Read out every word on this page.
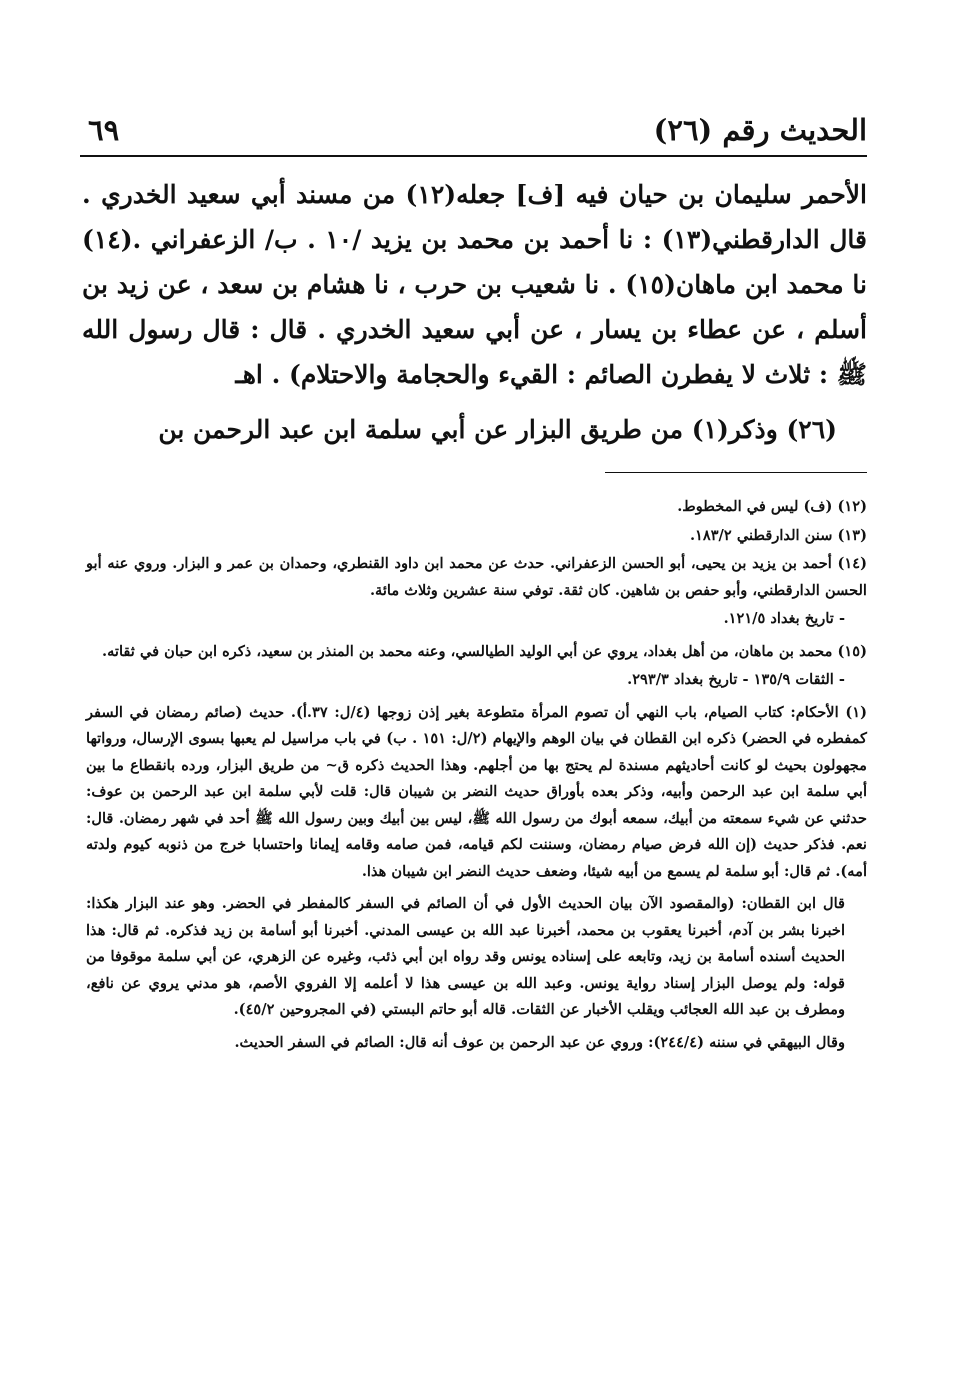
الحديث رقم (٢٦)
٦٩

الأحمر سليمان بن حيان فيه [ف] جعله(١٢) من مسند أبي سعيد الخدري . قال الدارقطني(١٣) : نا أحمد بن محمد بن يزيد /١٠ . ب/ الزعفراني .(١٤) نا محمد ابن ماهان(١٥) . نا شعيب بن حرب ، نا هشام بن سعد ، عن زيد بن أسلم ، عن عطاء بن يسار ، عن أبي سعيد الخدري . قال : قال رسول الله ﷺ : ثلاث لا يفطرن الصائم : القيء والحجامة والاحتلام) . اهـ

(٢٦) وذكر(١) من طريق البزار عن أبي سلمة ابن عبد الرحمن بن

(١٢) (ف) ليس في المخطوط.

(١٣) سنن الدارقطني ١٨٣/٢.

(١٤) أحمد بن يزيد بن يحيى، أبو الحسن الزعفراني. حدث عن محمد ابن داود القنطري، وحمدان بن عمر و البزار. وروي عنه أبو الحسن الدارقطني، وأبو حفص بن شاهين. كان ثقة. توفي سنة عشرين وثلاث مائة.

- تاريخ بغداد ١٢١/٥.

(١٥) محمد بن ماهان، من أهل بغداد، يروي عن أبي الوليد الطيالسي، وعنه محمد بن المنذر بن سعيد، ذكره ابن حبان في ثقاته.

- الثقات ١٣٥/٩ - تاريخ بغداد ٢٩٣/٣.

(١) الأحكام: كتاب الصيام، باب النهي أن تصوم المرأة متطوعة بغير إذن زوجها (٤/ل: ٣٧.أ). حديث (صائم رمضان في السفر كمفطره في الحضر) ذكره ابن القطان في بيان الوهم والإيهام (٢/ل: ١٥١ . ب) في باب مراسيل لم يعبها بسوى الإرسال، ورواتها مجهولون بحيث لو كانت أحاديثهم مسندة لم يحتج بها من أجلهم. وهذا الحديث ذكره ق~ من طريق البزار، ورده بانقطاع ما بين أبي سلمة ابن عبد الرحمن وأبيه، وذكر بعده بأوراق حديث النضر بن شيبان قال: قلت لأبي سلمة ابن عبد الرحمن بن عوف: حدثني عن شيء سمعته من أبيك، سمعه أبوك من رسول الله ﷺ، ليس بين أبيك وبين رسول الله ﷺ أحد في شهر رمضان. قال: نعم. فذكر حديث (إن الله فرض صيام رمضان، وسننت لكم قيامه، فمن صامه وقامه إيمانا واحتسابا خرج من ذنوبه كيوم ولدته أمه). ثم قال: أبو سلمة لم يسمع من أبيه شيئا، وضعف حديث النضر ابن شيبان هذا.

قال ابن القطان: (والمقصود الآن بيان الحديث الأول في أن الصائم في السفر كالمفطر في الحضر. وهو عند البزار هكذا: اخبرنا بشر بن آدم، أخبرنا يعقوب بن محمد، أخبرنا عبد الله بن عيسى المدني. أخبرنا أبو أسامة بن زيد فذكره. ثم قال: هذا الحديث أسنده أسامة بن زيد، وتابعه على إسناده يونس وقد رواه ابن أبي ذئب، وغيره عن الزهري، عن أبي سلمة موقوفا من قوله: ولم يوصل البزار إسناد رواية يونس. وعبد الله بن عيسى هذا لا أعلمه إلا الفروي الأصم، هو مدني يروي عن نافع، ومطرف بن عبد الله العجائب ويقلب الأخبار عن الثقات. قاله أبو حاتم البستي (في المجروحين ٤٥/٢).

وقال البيهقي في سننه (٢٤٤/٤): وروي عن عبد الرحمن بن عوف أنه قال: الصائم في السفر الحديث.
